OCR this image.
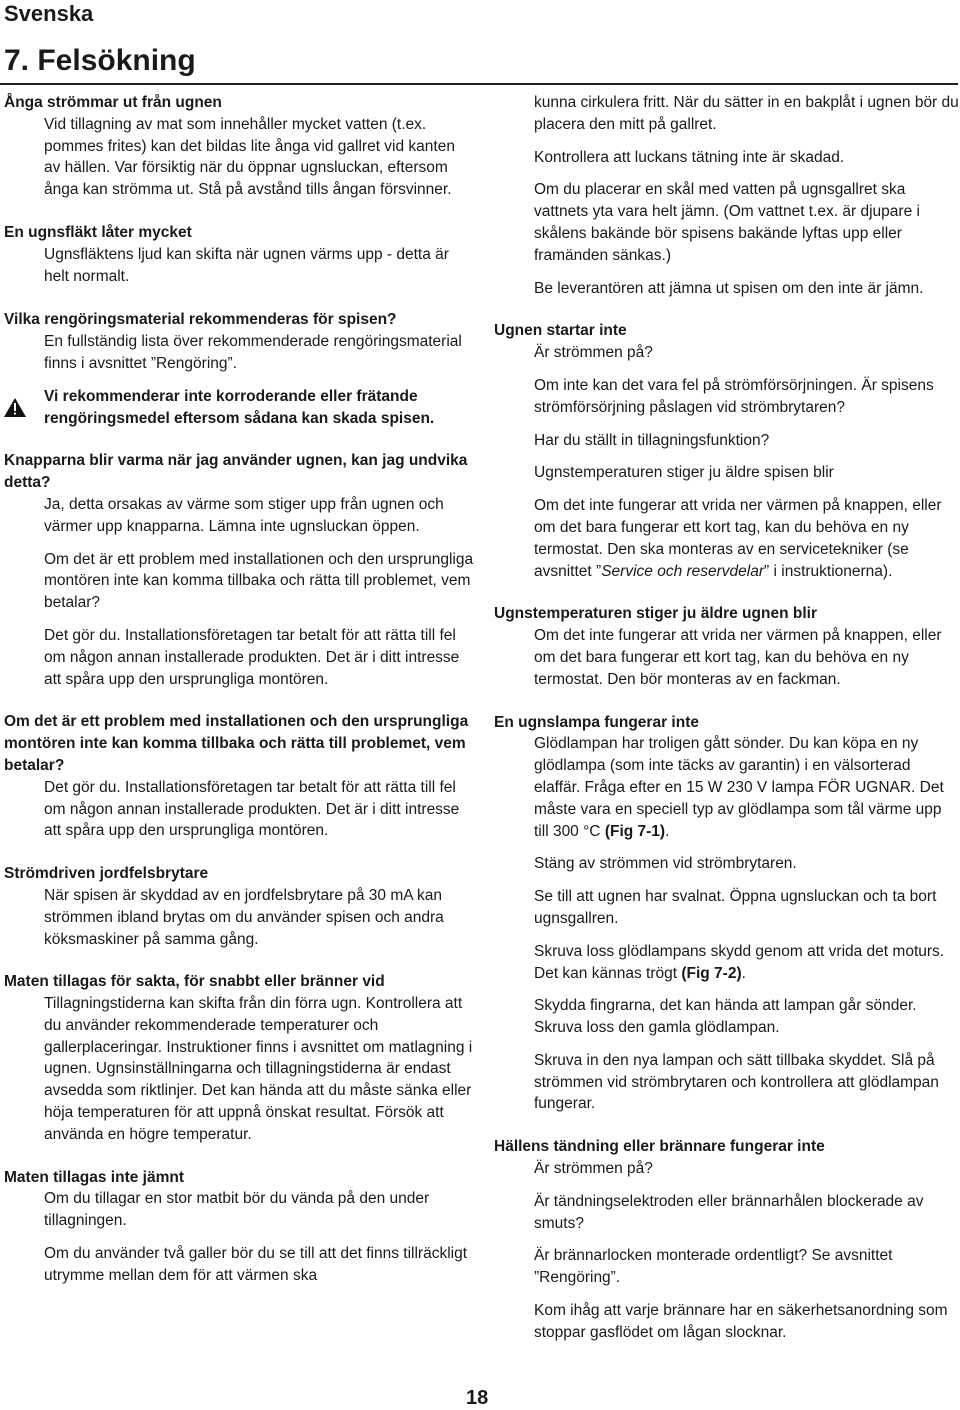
Svenska
7. Felsökning

Ånga strömmar ut från ugnen

Vid tillagning av mat som innehåller mycket vatten (t.ex. pommes frites) kan det bildas lite ånga vid gallret vid kanten av hällen. Var försiktig när du öppnar ugnsluckan, eftersom ånga kan strömma ut. Stå på avstånd tills ångan försvinner.

En ugnsfläkt låter mycket

Ugnsfläktens ljud kan skifta när ugnen värms upp - detta är helt normalt.

Vilka rengöringsmaterial rekommenderas för spisen?

En fullständig lista över rekommenderade rengöringsmaterial finns i avsnittet ”Rengöring”.

Vi rekommenderar inte korroderande eller frätande rengöringsmedel eftersom sådana kan skada spisen.

Knapparna blir varma när jag använder ugnen, kan jag undvika detta?

Ja, detta orsakas av värme som stiger upp från ugnen och värmer upp knapparna. Lämna inte ugnsluckan öppen.

Om det är ett problem med installationen och den ursprungliga montören inte kan komma tillbaka och rätta till problemet, vem betalar?

Det gör du. Installationsföretagen tar betalt för att rätta till fel om någon annan installerade produkten. Det är i ditt intresse att spåra upp den ursprungliga montören.

Om det är ett problem med installationen och den ursprungliga montören inte kan komma tillbaka och rätta till problemet, vem betalar?

Det gör du. Installationsföretagen tar betalt för att rätta till fel om någon annan installerade produkten. Det är i ditt intresse att spåra upp den ursprungliga montören.

Strömdriven jordfelsbrytare

När spisen är skyddad av en jordfelsbrytare på 30 mA kan strömmen ibland brytas om du använder spisen och andra köksmaskiner på samma gång.

Maten tillagas för sakta, för snabbt eller bränner vid

Tillagningstiderna kan skifta från din förra ugn. Kontrollera att du använder rekommenderade temperaturer och gallerplaceringar. Instruktioner finns i avsnittet om matlagning i ugnen. Ugnsinställningarna och tillagningstiderna är endast avsedda som riktlinjer. Det kan hända att du måste sänka eller höja temperaturen för att uppnå önskat resultat. Försök att använda en högre temperatur.

Maten tillagas inte jämnt

Om du tillagar en stor matbit bör du vända på den under tillagningen.

Om du använder två galler bör du se till att det finns tillräckligt utrymme mellan dem för att värmen ska

kunna cirkulera fritt. När du sätter in en bakplåt i ugnen bör du placera den mitt på gallret.

Kontrollera att luckans tätning inte är skadad.

Om du placerar en skål med vatten på ugnsgallret ska vattnets yta vara helt jämn. (Om vattnet t.ex. är djupare i skålens bakände bör spisens bakände lyftas upp eller framänden sänkas.)

Be leverantören att jämna ut spisen om den inte är jämn.

Ugnen startar inte

Är strömmen på?

Om inte kan det vara fel på strömförsörjningen. Är spisens strömförsörjning påslagen vid strömbrytaren?

Har du ställt in tillagningsfunktion?

Ugnstemperaturen stiger ju äldre spisen blir

Om det inte fungerar att vrida ner värmen på knappen, eller om det bara fungerar ett kort tag, kan du behöva en ny termostat. Den ska monteras av en servicetekniker (se avsnittet ”Service och reservdelar” i instruktionerna).

Ugnstemperaturen stiger ju äldre ugnen blir

Om det inte fungerar att vrida ner värmen på knappen, eller om det bara fungerar ett kort tag, kan du behöva en ny termostat. Den bör monteras av en fackman.

En ugnslampa fungerar inte

Glödlampan har troligen gått sönder. Du kan köpa en ny glödlampa (som inte täcks av garantin) i en välsorterad elaffär. Fråga efter en 15 W 230 V lampa FÖR UGNAR. Det måste vara en speciell typ av glödlampa som tål värme upp till 300 °C (Fig 7-1).

Stäng av strömmen vid strömbrytaren.

Se till att ugnen har svalnat. Öppna ugnsluckan och ta bort ugnsgallren.

Skruva loss glödlampans skydd genom att vrida det moturs. Det kan kännas trögt (Fig 7-2).

Skydda fingrarna, det kan hända att lampan går sönder. Skruva loss den gamla glödlampan.

Skruva in den nya lampan och sätt tillbaka skyddet. Slå på strömmen vid strömbrytaren och kontrollera att glödlampan fungerar.

Hällens tändning eller brännare fungerar inte

Är strömmen på?

Är tändningselektroden eller brännarhålen blockerade av smuts?

Är brännarlocken monterade ordentligt? Se avsnittet ”Rengöring”.

Kom ihåg att varje brännare har en säkerhetsanordning som stoppar gasflödet om lågan slocknar.

18
